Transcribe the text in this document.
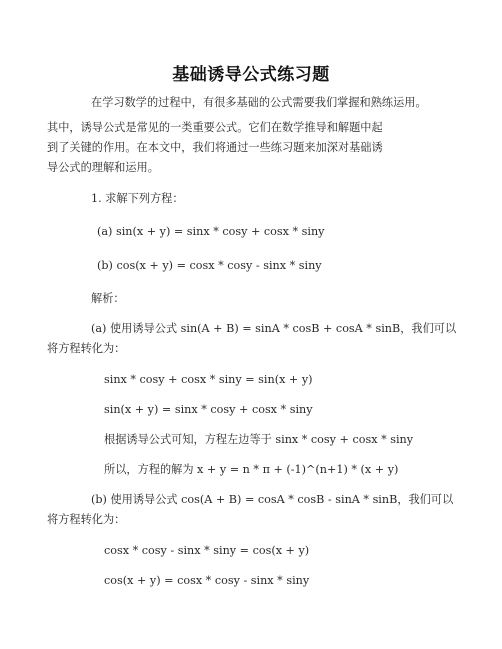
基础诱导公式练习题
在学习数学的过程中，有很多基础的公式需要我们掌握和熟练运用。
其中，诱导公式是常见的一类重要公式。它们在数学推导和解题中起
到了关键的作用。在本文中，我们将通过一些练习题来加深对基础诱
导公式的理解和运用。
1. 求解下列方程：
(a) sin(x + y) = sinx * cosy + cosx * siny
(b) cos(x + y) = cosx * cosy - sinx * siny
解析：
(a) 使用诱导公式 sin(A + B) = sinA * cosB + cosA * sinB，我们可以
将方程转化为：
sinx * cosy + cosx * siny = sin(x + y)
sin(x + y) = sinx * cosy + cosx * siny
根据诱导公式可知，方程左边等于 sinx * cosy + cosx * siny
所以，方程的解为 x + y = n * π + (-1)^(n+1) * (x + y)
(b) 使用诱导公式 cos(A + B) = cosA * cosB - sinA * sinB，我们可以
将方程转化为：
cosx * cosy - sinx * siny = cos(x + y)
cos(x + y) = cosx * cosy - sinx * siny
